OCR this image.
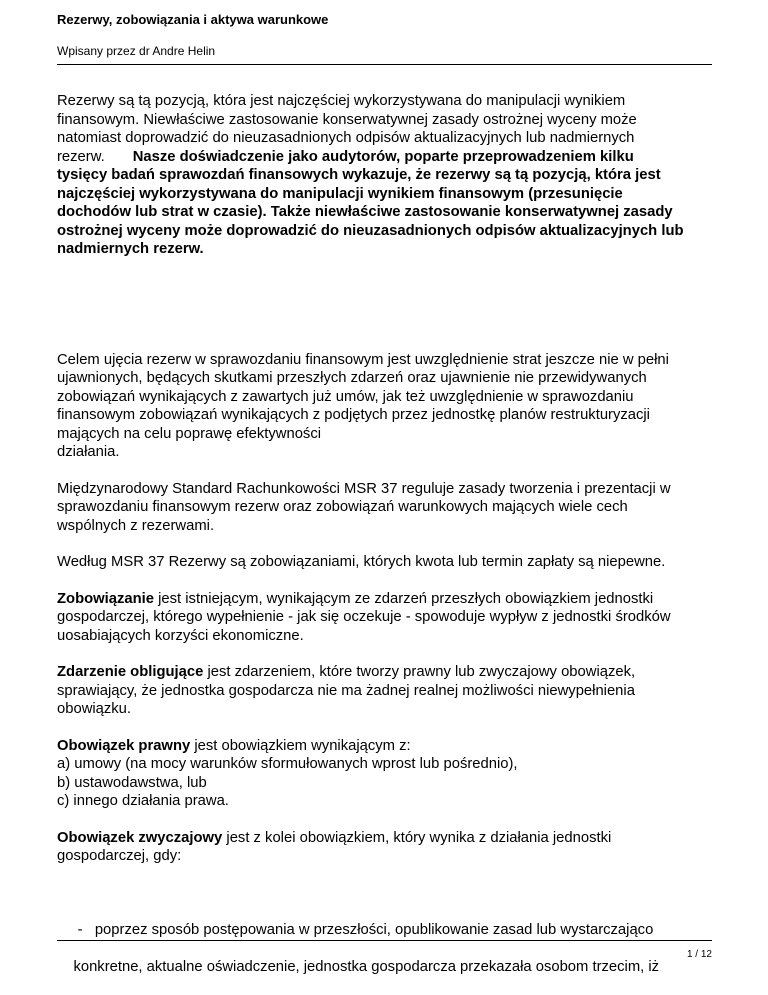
Rezerwy, zobowiązania i aktywa warunkowe
Wpisany przez dr Andre Helin

Rezerwy są tą pozycją, która jest najczęściej wykorzystywana do manipulacji wynikiem
finansowym. Niewłaściwe zastosowanie konserwatywnej zasady ostrożnej wyceny może
natomiast doprowadzić do nieuzasadnionych odpisów aktualizacyjnych lub nadmiernych
rezerw. Nasze doświadczenie jako audytorów, poparte przeprowadzeniem kilku
tysięcy badań sprawozdań finansowych wykazuje, że rezerwy są tą pozycją, która jest
najczęściej wykorzystywana do manipulacji wynikiem finansowym (przesunięcie
dochodów lub strat w czasie). Także niewłaściwe zastosowanie konserwatywnej zasady
ostrożnej wyceny może doprowadzić do nieuzasadnionych odpisów aktualizacyjnych lub
nadmiernych rezerw.

Celem ujęcia rezerw w sprawozdaniu finansowym jest uwzględnienie strat jeszcze nie w pełni
ujawnionych, będących skutkami przeszłych zdarzeń oraz ujawnienie nie przewidywanych
zobowiązań wynikających z zawartych już umów, jak też uwzględnienie w sprawozdaniu
finansowym zobowiązań wynikających z podjętych przez jednostkę planów restrukturyzacji
mających na celu poprawę efektywności
działania.

Międzynarodowy Standard Rachunkowości MSR 37 reguluje zasady tworzenia i prezentacji w
sprawozdaniu finansowym rezerw oraz zobowiązań warunkowych mających wiele cech
wspólnych z rezerwami.

Według MSR 37 Rezerwy są zobowiązaniami, których kwota lub termin zapłaty są niepewne.

Zobowiązanie jest istniejącym, wynikającym ze zdarzeń przeszłych obowiązkiem jednostki
gospodarczej, którego wypełnienie - jak się oczekuje - spowoduje wypływ z jednostki środków
uosabiających korzyści ekonomiczne.

Zdarzenie obligujące jest zdarzeniem, które tworzy prawny lub zwyczajowy obowiązek,
sprawiający, że jednostka gospodarcza nie ma żadnej realnej możliwości niewypełnienia
obowiązku.

Obowiązek prawny jest obowiązkiem wynikającym z:
a) umowy (na mocy warunków sformułowanych wprost lub pośrednio),
b) ustawodawstwa, lub
c) innego działania prawa.

Obowiązek zwyczajowy jest z kolei obowiązkiem, który wynika z działania jednostki
gospodarczej, gdy:

-   poprzez sposób postępowania w przeszłości, opublikowanie zasad lub wystarczająco

konkretne, aktualne oświadczenie, jednostka gospodarcza przekazała osobom trzecim, iż

1 / 12
